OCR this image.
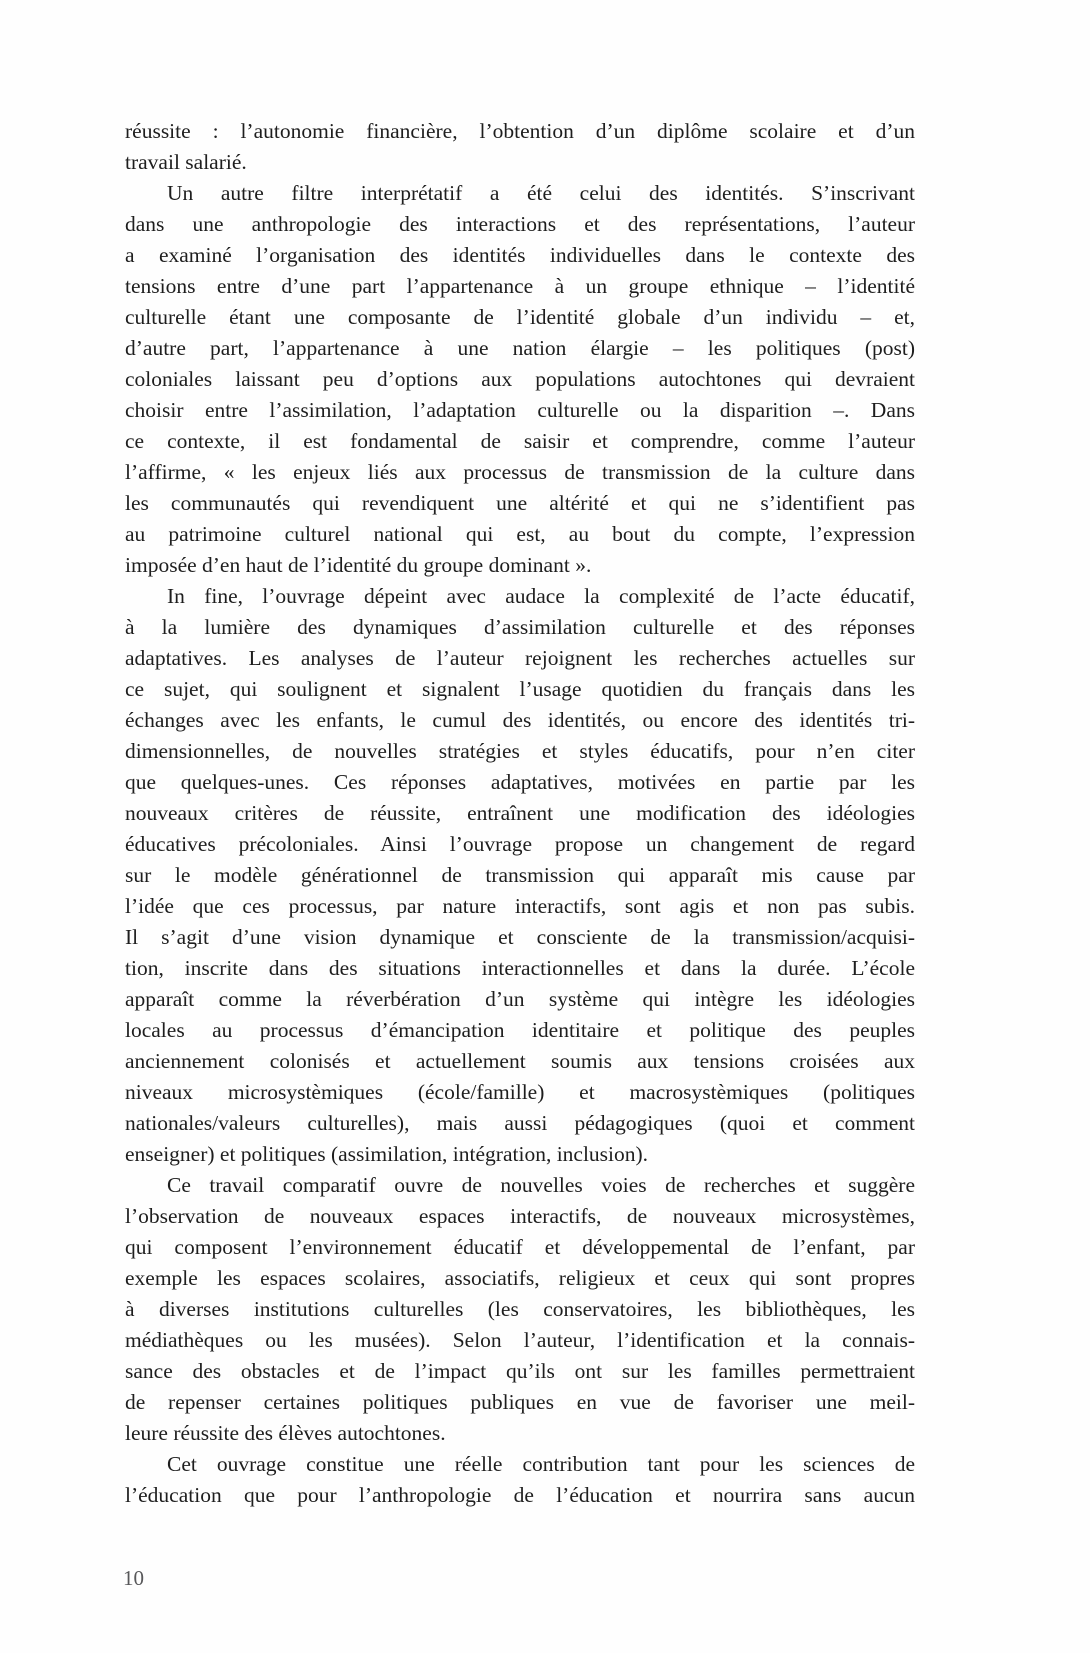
réussite : l’autonomie financière, l’obtention d’un diplôme scolaire et d’un
travail salarié.
Un autre filtre interprétatif a été celui des identités. S’inscrivant
dans une anthropologie des interactions et des représentations, l’auteur
a examiné l’organisation des identités individuelles dans le contexte des
tensions entre d’une part l’appartenance à un groupe ethnique – l’identité
culturelle étant une composante de l’identité globale d’un individu – et,
d’autre part, l’appartenance à une nation élargie – les politiques (post)
coloniales laissant peu d’options aux populations autochtones qui devraient
choisir entre l’assimilation, l’adaptation culturelle ou la disparition –. Dans
ce contexte, il est fondamental de saisir et comprendre, comme l’auteur
l’affirme, « les enjeux liés aux processus de transmission de la culture dans
les communautés qui revendiquent une altérité et qui ne s’identifient pas
au patrimoine culturel national qui est, au bout du compte, l’expression
imposée d’en haut de l’identité du groupe dominant ».
In fine, l’ouvrage dépeint avec audace la complexité de l’acte éducatif,
à la lumière des dynamiques d’assimilation culturelle et des réponses
adaptatives. Les analyses de l’auteur rejoignent les recherches actuelles sur
ce sujet, qui soulignent et signalent l’usage quotidien du français dans les
échanges avec les enfants, le cumul des identités, ou encore des identités tri-
dimensionnelles, de nouvelles stratégies et styles éducatifs, pour n’en citer
que quelques-unes. Ces réponses adaptatives, motivées en partie par les
nouveaux critères de réussite, entraînent une modification des idéologies
éducatives précoloniales. Ainsi l’ouvrage propose un changement de regard
sur le modèle générationnel de transmission qui apparaît mis cause par
l’idée que ces processus, par nature interactifs, sont agis et non pas subis.
Il s’agit d’une vision dynamique et consciente de la transmission/acquisi-
tion, inscrite dans des situations interactionnelles et dans la durée. L’école
apparaît comme la réverbération d’un système qui intègre les idéologies
locales au processus d’émancipation identitaire et politique des peuples
anciennement colonisés et actuellement soumis aux tensions croisées aux
niveaux microsystèmiques (école/famille) et macrosystèmiques (politiques
nationales/valeurs culturelles), mais aussi pédagogiques (quoi et comment
enseigner) et politiques (assimilation, intégration, inclusion).
Ce travail comparatif ouvre de nouvelles voies de recherches et suggère
l’observation de nouveaux espaces interactifs, de nouveaux microsystèmes,
qui composent l’environnement éducatif et développemental de l’enfant, par
exemple les espaces scolaires, associatifs, religieux et ceux qui sont propres
à diverses institutions culturelles (les conservatoires, les bibliothèques, les
médiathèques ou les musées). Selon l’auteur, l’identification et la connais-
sance des obstacles et de l’impact qu’ils ont sur les familles permettraient
de repenser certaines politiques publiques en vue de favoriser une meil-
leure réussite des élèves autochtones.
Cet ouvrage constitue une réelle contribution tant pour les sciences de
l’éducation que pour l’anthropologie de l’éducation et nourrira sans aucun
10
